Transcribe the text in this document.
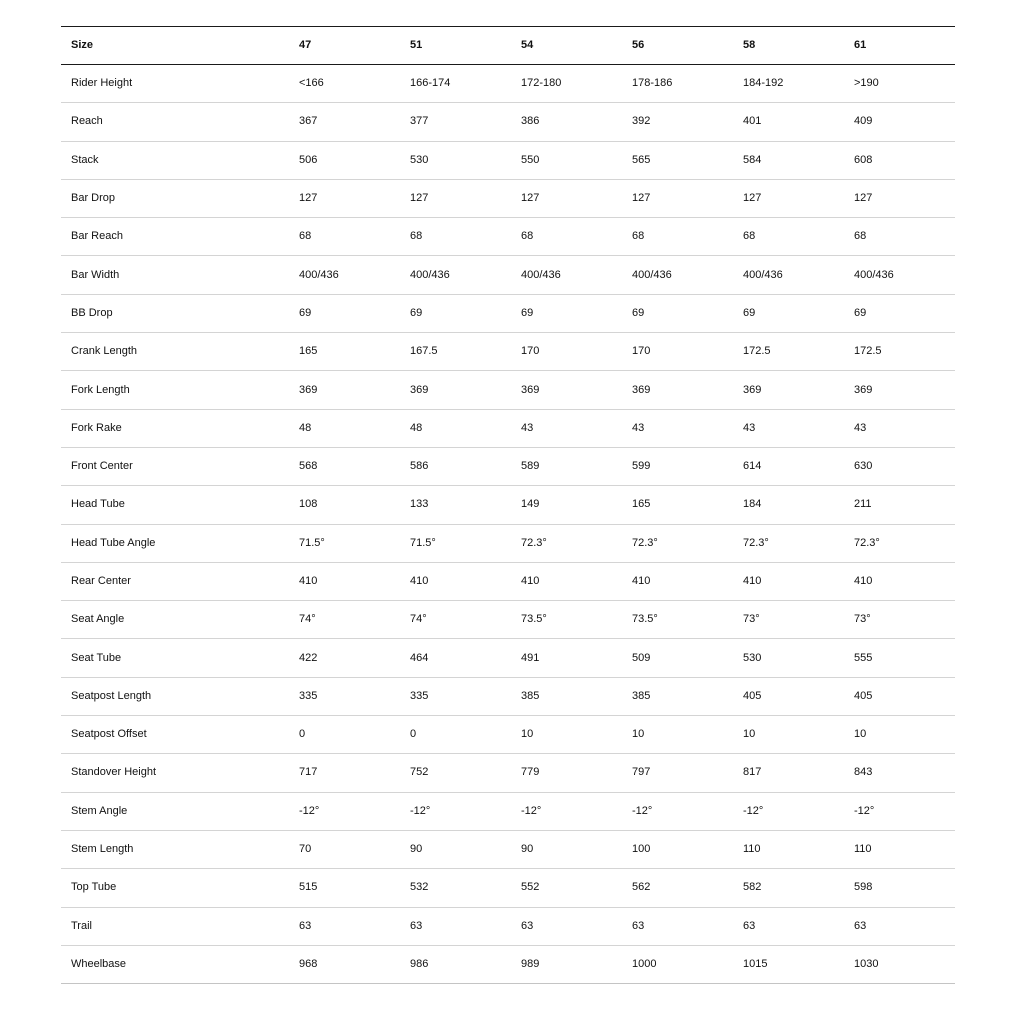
Size	47	51	54	56	58	61
Rider Height	<166	166-174	172-180	178-186	184-192	>190
Reach	367	377	386	392	401	409
Stack	506	530	550	565	584	608
Bar Drop	127	127	127	127	127	127
Bar Reach	68	68	68	68	68	68
Bar Width	400/436	400/436	400/436	400/436	400/436	400/436
BB Drop	69	69	69	69	69	69
Crank Length	165	167.5	170	170	172.5	172.5
Fork Length	369	369	369	369	369	369
Fork Rake	48	48	43	43	43	43
Front Center	568	586	589	599	614	630
Head Tube	108	133	149	165	184	211
Head Tube Angle	71.5°	71.5°	72.3°	72.3°	72.3°	72.3°
Rear Center	410	410	410	410	410	410
Seat Angle	74°	74°	73.5°	73.5°	73°	73°
Seat Tube	422	464	491	509	530	555
Seatpost Length	335	335	385	385	405	405
Seatpost Offset	0	0	10	10	10	10
Standover Height	717	752	779	797	817	843
Stem Angle	-12°	-12°	-12°	-12°	-12°	-12°
Stem Length	70	90	90	100	110	110
Top Tube	515	532	552	562	582	598
Trail	63	63	63	63	63	63
Wheelbase	968	986	989	1000	1015	1030
